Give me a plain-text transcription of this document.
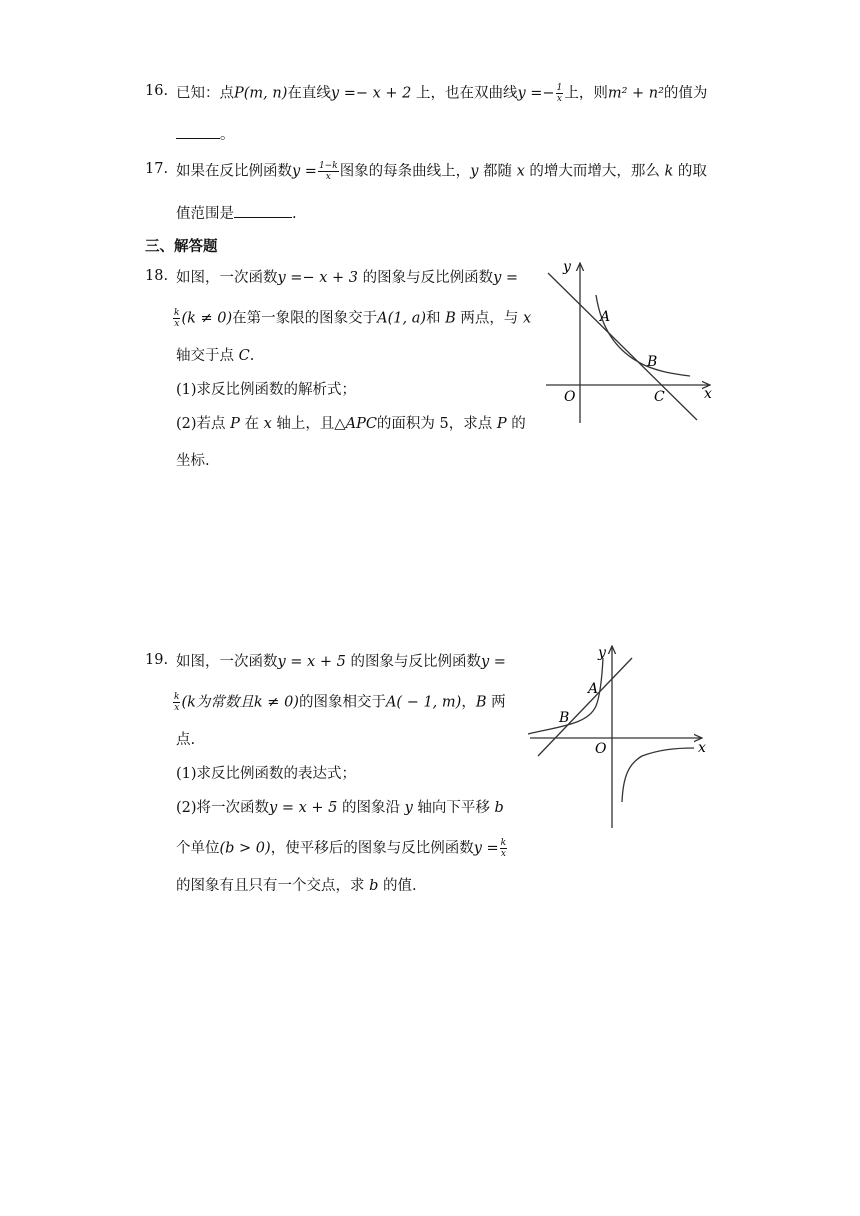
16. 已知：点P(m, n)在直线y =− x + 2 上，也在双曲线$y =- \frac{1}{x}$ 上，则m² + n²的值为
。
17. 如果在反比例函数$y = \frac{1-k}{x}$ 图象的每条曲线上，y 都随 x 的增大而增大，那么 k 的取
值范围是	.
三、解答题
18. 如图，一次函数y =− x + 3 的图象与反比例函数y =
$\frac{k}{x} (k \ne 0)$在第一象限的图象交于A(1, a)和 B 两点，与 x
轴交于点 C.
(1)求反比例函数的解析式；
(2)若点 P 在 x 轴上，且△APC的面积为 5，求点 P 的
坐标.
O
y
x
A
B
C
19. 如图，一次函数y = x + 5 的图象与反比例函数y =
$\frac{k}{x} (k$为常数且k ≠ 0)的图象相交于A( − 1, m)，B 两
点.
(1)求反比例函数的表达式；
(2)将一次函数y = x + 5 的图象沿 y 轴向下平移 b
个单位(b > 0)，使平移后的图象与反比例函数$y = \frac{k}{x}$
的图象有且只有一个交点，求 b 的值.
O
y
x
A
B
